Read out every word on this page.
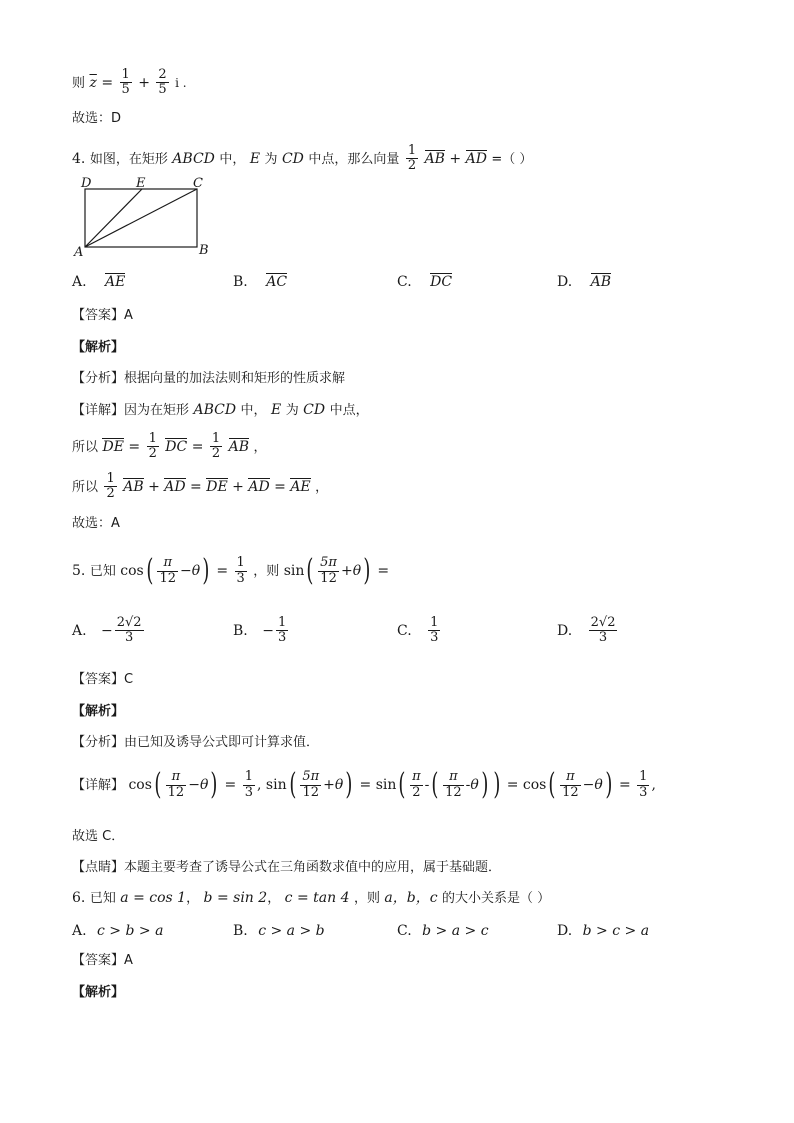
则 $\overline{z} = \frac{1}{5} + \frac{2}{5}$ i .
故选：D
4. 如图，在矩形 ABCD 中， E 为 CD 中点，那么向量 $\frac{1}{2}$ AB + AD =（ ）
D	E	C
A	B
A. AE	B. AC	C. DC	D. AB
【答案】A
【解析】
【分析】根据向量的加法法则和矩形的性质求解
【详解】因为在矩形 ABCD 中， E 为 CD 中点，
所以 DE = $\frac{1}{2}$ DC = $\frac{1}{2}$ AB ，
所以 $\frac{1}{2}$ AB + AD = DE + AD = AE ，
故选：A
5. 已知 $\cos( \frac{\pi}{12} -\theta) = \frac{1}{3}$ ，则 $\sin( \frac{5\pi}{12} +\theta)$ =
A. − $\frac{2√2}{3}$	B. − $\frac{1}{3}$	C. $\frac{1}{3}$	D. $\frac{2√2}{3}$
【答案】C
【解析】
【分析】由已知及诱导公式即可计算求值．
【详解】 $\cos( \frac{\pi}{12} -\theta) = \frac{1}{3}$ , $\sin( \frac{5\pi}{12} +\theta) = \sin( \frac{\pi}{2}$ -( $\frac{\pi}{12} -\theta$) ) = $\cos( \frac{\pi}{12} -\theta) = \frac{1}{3}$ ,
故选 C．
【点睛】本题主要考查了诱导公式在三角函数求值中的应用，属于基础题．
6. 已知 a = cos 1， b = sin 2， c = tan 4 ，则 a，b，c 的大小关系是（ ）
A. c > b > a	B. c > a > b	C. b > a > c	D. b > c > a
【答案】A
【解析】
